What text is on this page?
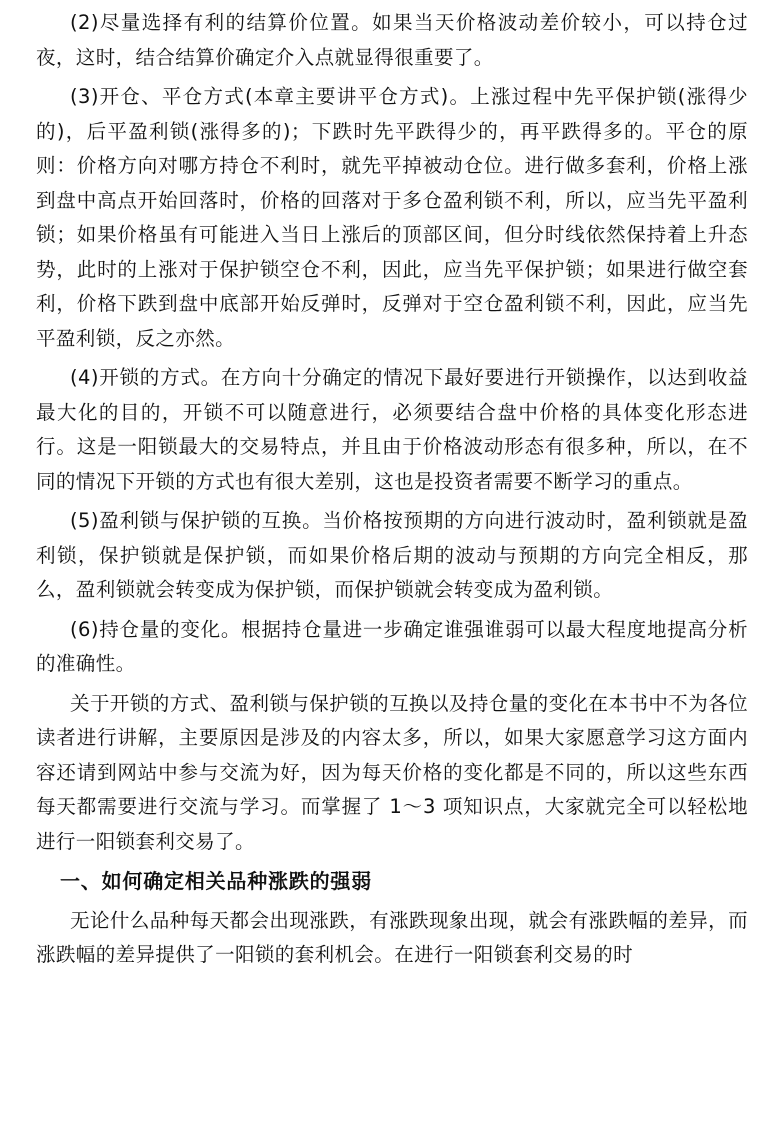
(2)尽量选择有利的结算价位置。如果当天价格波动差价较小，可以持仓过夜，这时，结合结算价确定介入点就显得很重要了。

(3)开仓、平仓方式(本章主要讲平仓方式)。上涨过程中先平保护锁(涨得少的)，后平盈利锁(涨得多的)；下跌时先平跌得少的，再平跌得多的。平仓的原则：价格方向对哪方持仓不利时，就先平掉被动仓位。进行做多套利，价格上涨到盘中高点开始回落时，价格的回落对于多仓盈利锁不利，所以，应当先平盈利锁；如果价格虽有可能进入当日上涨后的顶部区间，但分时线依然保持着上升态势，此时的上涨对于保护锁空仓不利，因此，应当先平保护锁；如果进行做空套利，价格下跌到盘中底部开始反弹时，反弹对于空仓盈利锁不利，因此，应当先平盈利锁，反之亦然。

(4)开锁的方式。在方向十分确定的情况下最好要进行开锁操作，以达到收益最大化的目的，开锁不可以随意进行，必须要结合盘中价格的具体变化形态进行。这是一阳锁最大的交易特点，并且由于价格波动形态有很多种，所以，在不同的情况下开锁的方式也有很大差别，这也是投资者需要不断学习的重点。

(5)盈利锁与保护锁的互换。当价格按预期的方向进行波动时，盈利锁就是盈利锁，保护锁就是保护锁，而如果价格后期的波动与预期的方向完全相反，那么，盈利锁就会转变成为保护锁，而保护锁就会转变成为盈利锁。

(6)持仓量的变化。根据持仓量进一步确定谁强谁弱可以最大程度地提高分析的准确性。

关于开锁的方式、盈利锁与保护锁的互换以及持仓量的变化在本书中不为各位读者进行讲解，主要原因是涉及的内容太多，所以，如果大家愿意学习这方面内容还请到网站中参与交流为好，因为每天价格的变化都是不同的，所以这些东西每天都需要进行交流与学习。而掌握了 1～3 项知识点，大家就完全可以轻松地进行一阳锁套利交易了。

一、如何确定相关品种涨跌的强弱

无论什么品种每天都会出现涨跌，有涨跌现象出现，就会有涨跌幅的差异，而涨跌幅的差异提供了一阳锁的套利机会。在进行一阳锁套利交易的时
